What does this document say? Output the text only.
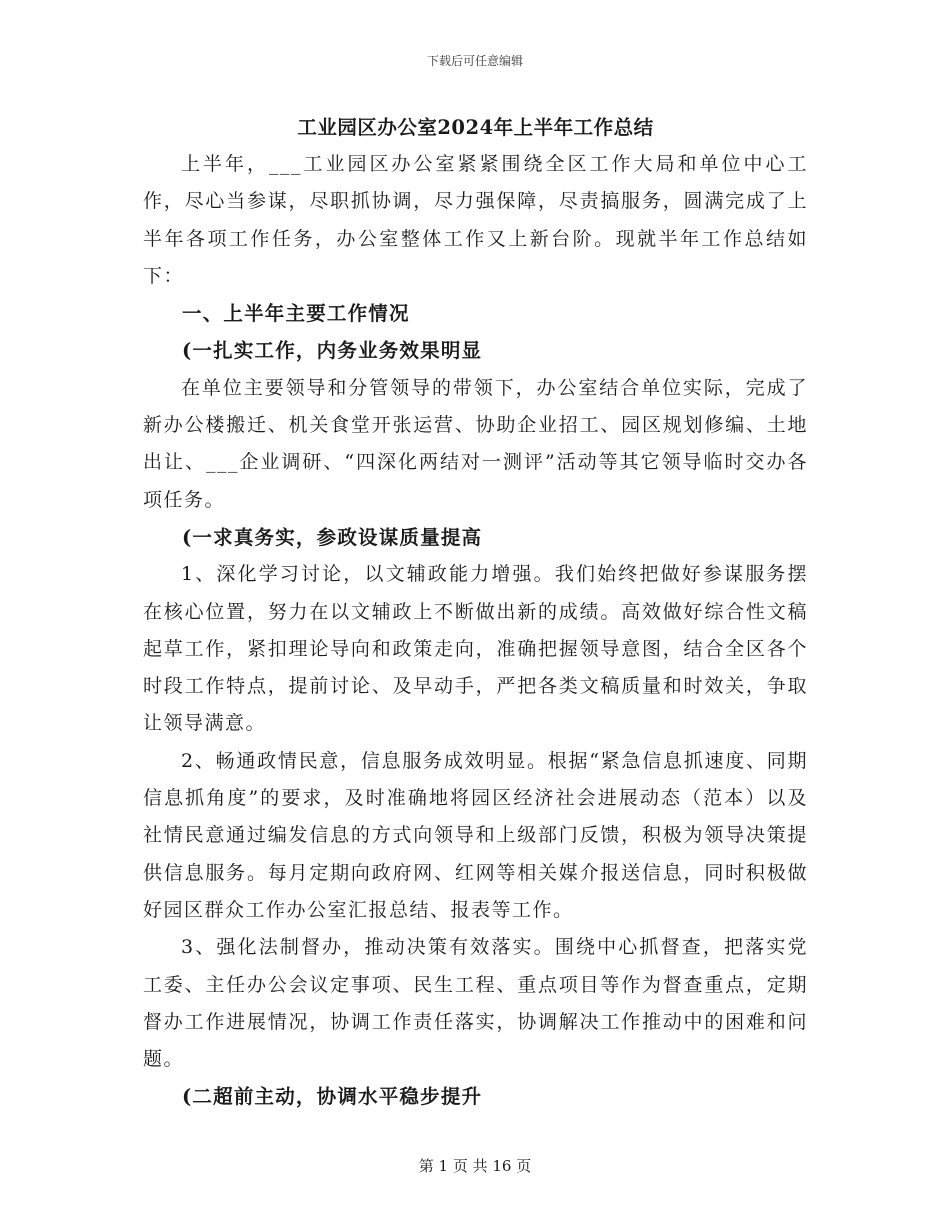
下载后可任意编辑
工业园区办公室2024年上半年工作总结

上半年，___工业园区办公室紧紧围绕全区工作大局和单位中心工作，尽心当参谋，尽职抓协调，尽力强保障，尽责搞服务，圆满完成了上半年各项工作任务，办公室整体工作又上新台阶。现就半年工作总结如下：

一、上半年主要工作情况

(一扎实工作，内务业务效果明显

在单位主要领导和分管领导的带领下，办公室结合单位实际，完成了新办公楼搬迁、机关食堂开张运营、协助企业招工、园区规划修编、土地出让、___企业调研、“四深化两结对一测评”活动等其它领导临时交办各项任务。

(一求真务实，参政设谋质量提高

1、深化学习讨论，以文辅政能力增强。我们始终把做好参谋服务摆在核心位置，努力在以文辅政上不断做出新的成绩。高效做好综合性文稿起草工作，紧扣理论导向和政策走向，准确把握领导意图，结合全区各个时段工作特点，提前讨论、及早动手，严把各类文稿质量和时效关，争取让领导满意。

2、畅通政情民意，信息服务成效明显。根据“紧急信息抓速度、同期信息抓角度”的要求，及时准确地将园区经济社会进展动态（范本）以及社情民意通过编发信息的方式向领导和上级部门反馈，积极为领导决策提供信息服务。每月定期向政府网、红网等相关媒介报送信息，同时积极做好园区群众工作办公室汇报总结、报表等工作。

3、强化法制督办，推动决策有效落实。围绕中心抓督查，把落实党工委、主任办公会议定事项、民生工程、重点项目等作为督查重点，定期督办工作进展情况，协调工作责任落实，协调解决工作推动中的困难和问题。

(二超前主动，协调水平稳步提升

第 1 页 共 16 页
